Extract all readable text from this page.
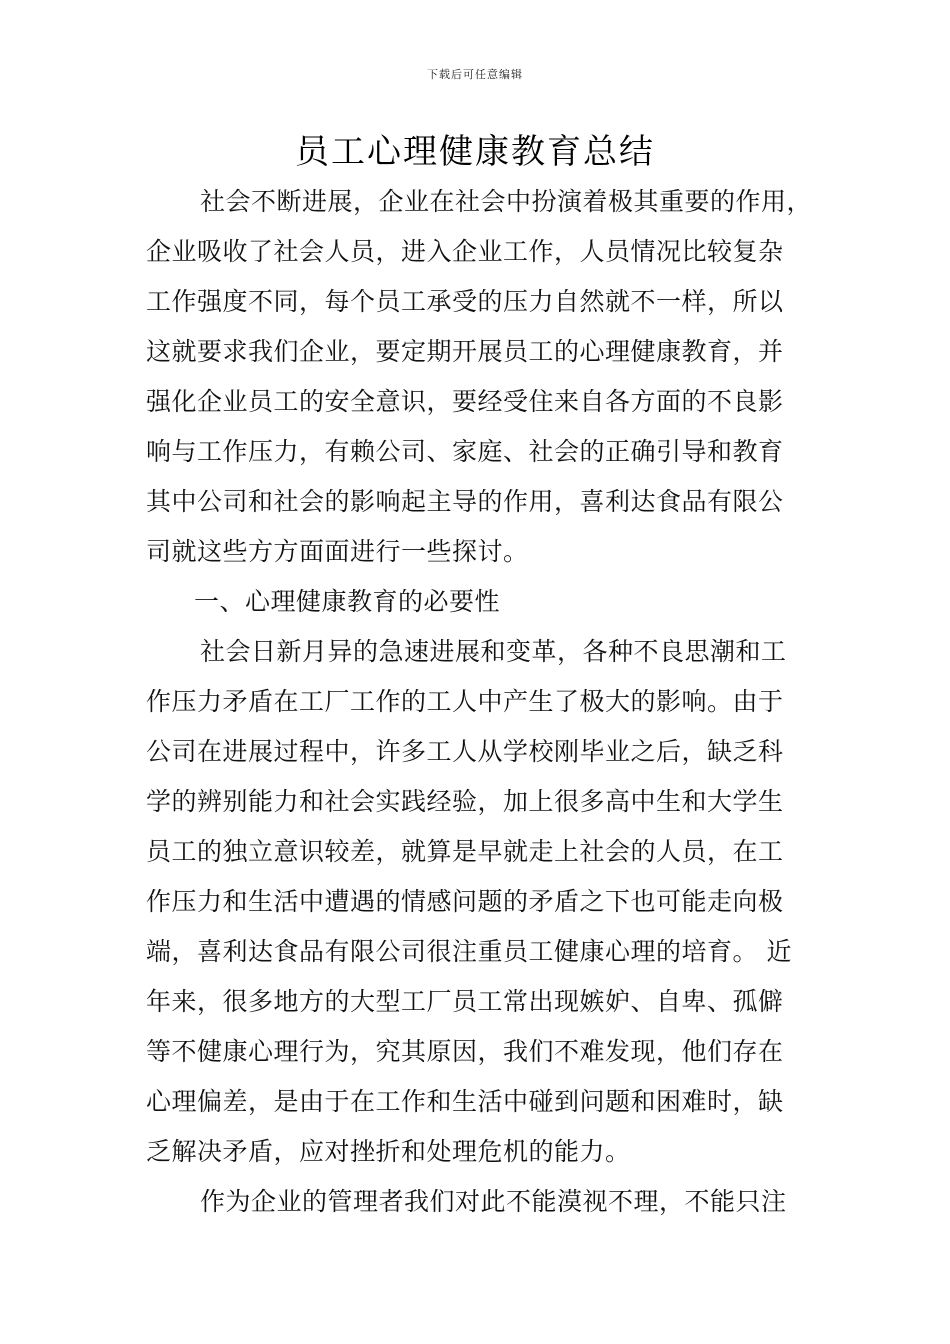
下载后可任意编辑
员工心理健康教育总结
社会不断进展，企业在社会中扮演着极其重要的作用，
企业吸收了社会人员，进入企业工作，人员情况比较复杂
工作强度不同，每个员工承受的压力自然就不一样，所以
这就要求我们企业，要定期开展员工的心理健康教育，并
强化企业员工的安全意识，要经受住来自各方面的不良影
响与工作压力，有赖公司、家庭、社会的正确引导和教育
其中公司和社会的影响起主导的作用，喜利达食品有限公
司就这些方方面面进行一些探讨。
一、心理健康教育的必要性
社会日新月异的急速进展和变革，各种不良思潮和工
作压力矛盾在工厂工作的工人中产生了极大的影响。由于
公司在进展过程中，许多工人从学校刚毕业之后，缺乏科
学的辨别能力和社会实践经验，加上很多高中生和大学生
员工的独立意识较差，就算是早就走上社会的人员，在工
作压力和生活中遭遇的情感问题的矛盾之下也可能走向极
端，喜利达食品有限公司很注重员工健康心理的培育。 近
年来，很多地方的大型工厂员工常出现嫉妒、自卑、孤僻
等不健康心理行为，究其原因，我们不难发现，他们存在
心理偏差，是由于在工作和生活中碰到问题和困难时，缺
乏解决矛盾，应对挫折和处理危机的能力。
作为企业的管理者我们对此不能漠视不理，不能只注
